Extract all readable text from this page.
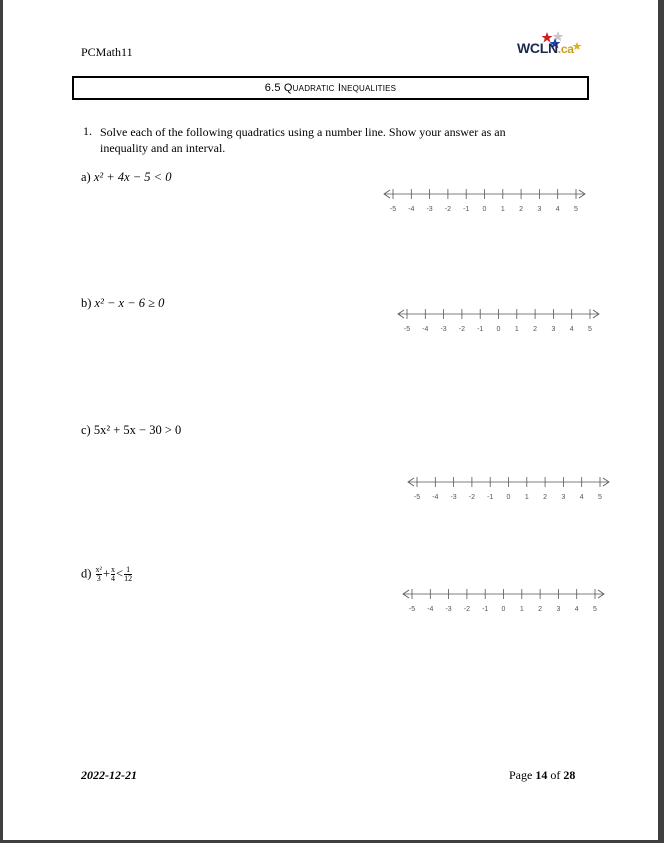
PCMath11	WCLN.ca
6.5 Quadratic Inequalities
1. Solve each of the following quadratics using a number line. Show your answer as an inequality and an interval.
a) x² + 4x − 5 < 0
-5 -4 -3 -2 -1 0 1 2 3 4 5
b) x² − x − 6 ≥ 0
-5 -4 -3 -2 -1 0 1 2 3 4 5
c) 5x² + 5x − 30 > 0
-5 -4 -3 -2 -1 0 1 2 3 4 5
$d) \frac{\text{x²}}{3} + \frac{x}{4} < \frac{1}{12}$
-5 -4 -3 -2 -1 0 1 2 3 4 5
2022-12-21	Page 14 of 28
